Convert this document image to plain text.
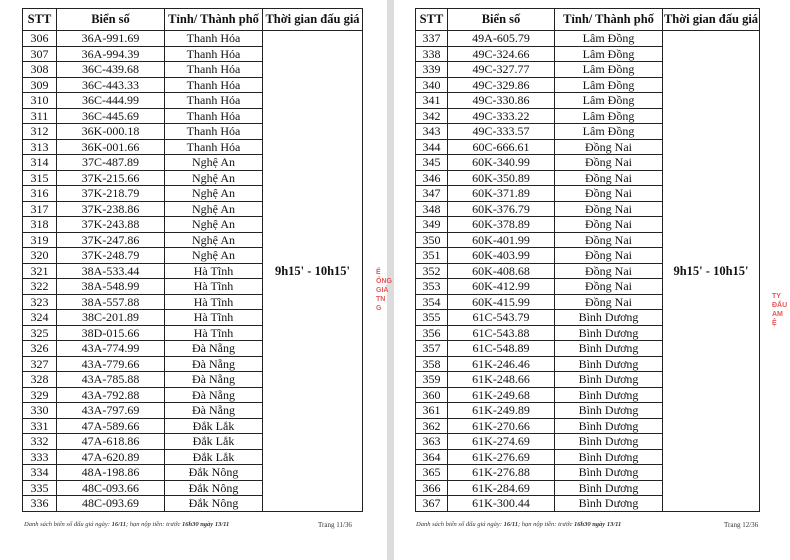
STT	Biển số	Tỉnh/ Thành phố	Thời gian đấu giá
306	36A-991.69	Thanh Hóa	9h15' - 10h15'
307	36A-994.39	Thanh Hóa	
308	36C-439.68	Thanh Hóa	
309	36C-443.33	Thanh Hóa	
310	36C-444.99	Thanh Hóa	
311	36C-445.69	Thanh Hóa	
312	36K-000.18	Thanh Hóa	
313	36K-001.66	Thanh Hóa	
314	37C-487.89	Nghệ An	
315	37K-215.66	Nghệ An	
316	37K-218.79	Nghệ An	
317	37K-238.86	Nghệ An	
318	37K-243.88	Nghệ An	
319	37K-247.86	Nghệ An	
320	37K-248.79	Nghệ An	
321	38A-533.44	Hà Tĩnh	
322	38A-548.99	Hà Tĩnh	
323	38A-557.88	Hà Tĩnh	
324	38C-201.89	Hà Tĩnh	
325	38D-015.66	Hà Tĩnh	
326	43A-774.99	Đà Nẵng	
327	43A-779.66	Đà Nẵng	
328	43A-785.88	Đà Nẵng	
329	43A-792.88	Đà Nẵng	
330	43A-797.69	Đà Nẵng	
331	47A-589.66	Đắk Lắk	
332	47A-618.86	Đắk Lắk	
333	47A-620.89	Đắk Lắk	
334	48A-198.86	Đắk Nông	
335	48C-093.66	Đắk Nông	
336	48C-093.69	Đắk Nông	
Danh sách biển số đấu giá ngày: 16/11; hạn nộp tiền: trước 16h30 ngày 13/11	Trang 11/36
Ể
ỐNG
GIÁ
TN
G
STT	Biển số	Tỉnh/ Thành phố	Thời gian đấu giá
337	49A-605.79	Lâm Đồng	9h15' - 10h15'
338	49C-324.66	Lâm Đồng	
339	49C-327.77	Lâm Đồng	
340	49C-329.86	Lâm Đồng	
341	49C-330.86	Lâm Đồng	
342	49C-333.22	Lâm Đồng	
343	49C-333.57	Lâm Đồng	
344	60C-666.61	Đồng Nai	
345	60K-340.99	Đồng Nai	
346	60K-350.89	Đồng Nai	
347	60K-371.89	Đồng Nai	
348	60K-376.79	Đồng Nai	
349	60K-378.89	Đồng Nai	
350	60K-401.99	Đồng Nai	
351	60K-403.99	Đồng Nai	
352	60K-408.68	Đồng Nai	
353	60K-412.99	Đồng Nai	
354	60K-415.99	Đồng Nai	
355	61C-543.79	Bình Dương	
356	61C-543.88	Bình Dương	
357	61C-548.89	Bình Dương	
358	61K-246.46	Bình Dương	
359	61K-248.66	Bình Dương	
360	61K-249.68	Bình Dương	
361	61K-249.89	Bình Dương	
362	61K-270.66	Bình Dương	
363	61K-274.69	Bình Dương	
364	61K-276.69	Bình Dương	
365	61K-276.88	Bình Dương	
366	61K-284.69	Bình Dương	
367	61K-300.44	Bình Dương	
Danh sách biển số đấu giá ngày: 16/11; hạn nộp tiền: trước 16h30 ngày 13/11	Trang 12/36
TY
ĐẤU
AM
Ệ
